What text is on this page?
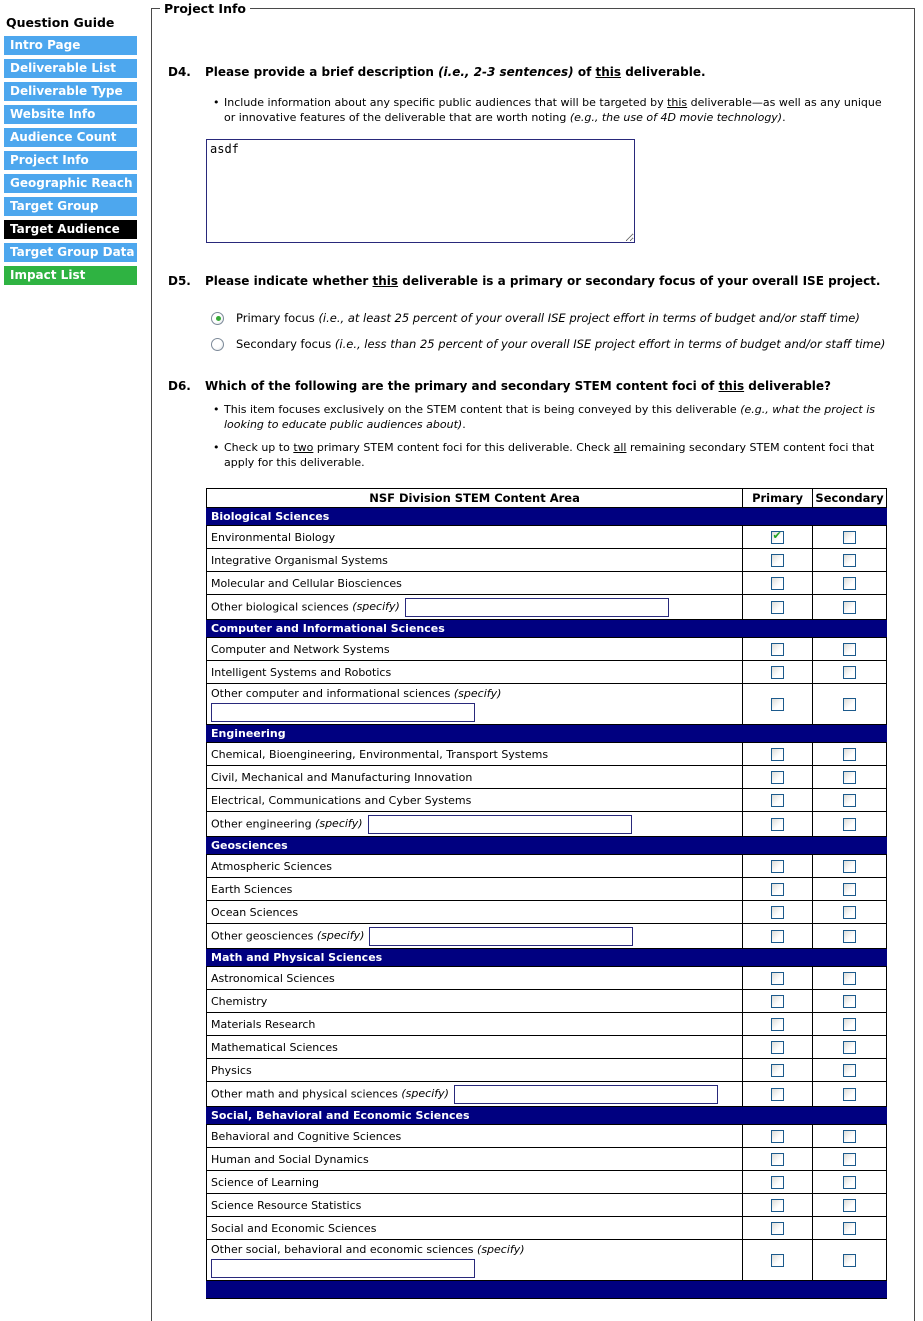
Question Guide
Intro Page
Deliverable List
Deliverable Type
Website Info
Audience Count
Project Info
Geographic Reach
Target Group
Target Audience
Target Group Data
Impact List
Project Info
D4. Please provide a brief description (i.e., 2-3 sentences) of this deliverable.
• Include information about any specific public audiences that will be targeted by this deliverable—as well as any unique or innovative features of the deliverable that are worth noting (e.g., the use of 4D movie technology).
asdf
D5. Please indicate whether this deliverable is a primary or secondary focus of your overall ISE project.
Primary focus (i.e., at least 25 percent of your overall ISE project effort in terms of budget and/or staff time)
Secondary focus (i.e., less than 25 percent of your overall ISE project effort in terms of budget and/or staff time)
D6. Which of the following are the primary and secondary STEM content foci of this deliverable?
• This item focuses exclusively on the STEM content that is being conveyed by this deliverable (e.g., what the project is looking to educate public audiences about).
• Check up to two primary STEM content foci for this deliverable. Check all remaining secondary STEM content foci that apply for this deliverable.
NSF Division STEM Content Area	Primary	Secondary
Biological Sciences		
Environmental Biology	✔	
Integrative Organismal Systems		
Molecular and Cellular Biosciences		
Other biological sciences (specify)		
Computer and Informational Sciences		
Computer and Network Systems		
Intelligent Systems and Robotics		
Other computer and informational sciences (specify)

Engineering		
Chemical, Bioengineering, Environmental, Transport Systems		
Civil, Mechanical and Manufacturing Innovation		
Electrical, Communications and Cyber Systems		
Other engineering (specify)		
Geosciences		
Atmospheric Sciences		
Earth Sciences		
Ocean Sciences		
Other geosciences (specify)		
Math and Physical Sciences		
Astronomical Sciences		
Chemistry		
Materials Research		
Mathematical Sciences		
Physics		
Other math and physical sciences (specify)		
Social, Behavioral and Economic Sciences		
Behavioral and Cognitive Sciences		
Human and Social Dynamics		
Science of Learning		
Science Resource Statistics		
Social and Economic Sciences		
Other social, behavioral and economic sciences (specify)
